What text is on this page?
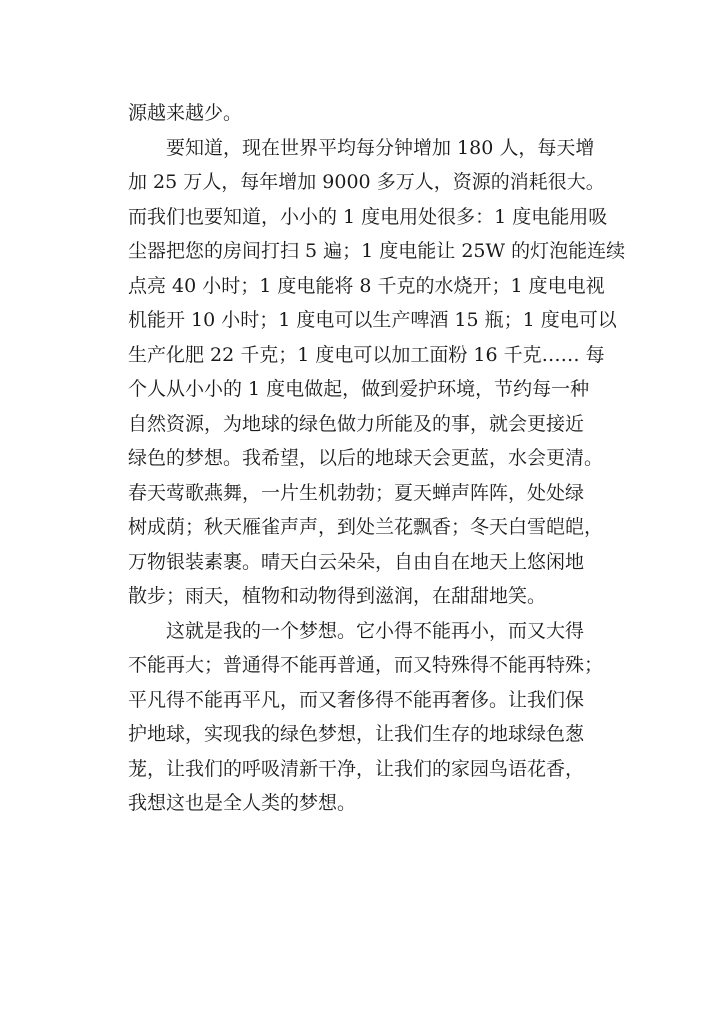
源越来越少。
　　要知道，现在世界平均每分钟增加 180 人，每天增
加 25 万人，每年增加 9000 多万人，资源的消耗很大。
而我们也要知道，小小的 1 度电用处很多：1 度电能用吸
尘器把您的房间打扫 5 遍；1 度电能让 25W 的灯泡能连续
点亮 40 小时；1 度电能将 8 千克的水烧开；1 度电电视
机能开 10 小时；1 度电可以生产啤酒 15 瓶；1 度电可以
生产化肥 22 千克；1 度电可以加工面粉 16 千克…… 每
个人从小小的 1 度电做起，做到爱护环境，节约每一种
自然资源，为地球的绿色做力所能及的事，就会更接近
绿色的梦想。我希望，以后的地球天会更蓝，水会更清。
春天莺歌燕舞，一片生机勃勃；夏天蝉声阵阵，处处绿
树成荫；秋天雁雀声声，到处兰花飘香；冬天白雪皑皑，
万物银装素裹。晴天白云朵朵，自由自在地天上悠闲地
散步；雨天，植物和动物得到滋润，在甜甜地笑。
　　这就是我的一个梦想。它小得不能再小，而又大得
不能再大；普通得不能再普通，而又特殊得不能再特殊；
平凡得不能再平凡，而又奢侈得不能再奢侈。让我们保
护地球，实现我的绿色梦想，让我们生存的地球绿色葱
茏，让我们的呼吸清新干净，让我们的家园鸟语花香，
我想这也是全人类的梦想。
